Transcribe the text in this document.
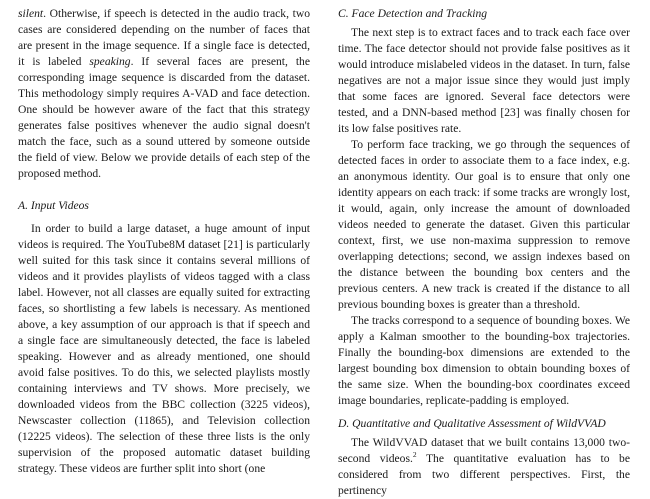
silent. Otherwise, if speech is detected in the audio track, two cases are considered depending on the number of faces that are present in the image sequence. If a single face is detected, it is labeled speaking. If several faces are present, the corresponding image sequence is discarded from the dataset. This methodology simply requires A-VAD and face detection. One should be however aware of the fact that this strategy generates false positives whenever the audio signal doesn't match the face, such as a sound uttered by someone outside the field of view. Below we provide details of each step of the proposed method.

A. Input Videos

In order to build a large dataset, a huge amount of input videos is required. The YouTube8M dataset [21] is particularly well suited for this task since it contains several millions of videos and it provides playlists of videos tagged with a class label. However, not all classes are equally suited for extracting faces, so shortlisting a few labels is necessary. As mentioned above, a key assumption of our approach is that if speech and a single face are simultaneously detected, the face is labeled speaking. However and as already mentioned, one should avoid false positives. To do this, we selected playlists mostly containing interviews and TV shows. More precisely, we downloaded videos from the BBC collection (3225 videos), Newscaster collection (11865), and Television collection (12225 videos). The selection of these three lists is the only supervision of the proposed automatic dataset building strategy. These videos are further split into short (one

C. Face Detection and Tracking

The next step is to extract faces and to track each face over time. The face detector should not provide false positives as it would introduce mislabeled videos in the dataset. In turn, false negatives are not a major issue since they would just imply that some faces are ignored. Several face detectors were tested, and a DNN-based method [23] was finally chosen for its low false positives rate.

To perform face tracking, we go through the sequences of detected faces in order to associate them to a face index, e.g. an anonymous identity. Our goal is to ensure that only one identity appears on each track: if some tracks are wrongly lost, it would, again, only increase the amount of downloaded videos needed to generate the dataset. Given this particular context, first, we use non-maxima suppression to remove overlapping detections; second, we assign indexes based on the distance between the bounding box centers and the previous centers. A new track is created if the distance to all previous bounding boxes is greater than a threshold.

The tracks correspond to a sequence of bounding boxes. We apply a Kalman smoother to the bounding-box trajectories. Finally the bounding-box dimensions are extended to the largest bounding box dimension to obtain bounding boxes of the same size. When the bounding-box coordinates exceed image boundaries, replicate-padding is employed.

D. Quantitative and Qualitative Assessment of WildVVAD

The WildVVAD dataset that we built contains 13,000 two-second videos.$^2$ The quantitative evaluation has to be considered from two different perspectives. First, the pertinency
